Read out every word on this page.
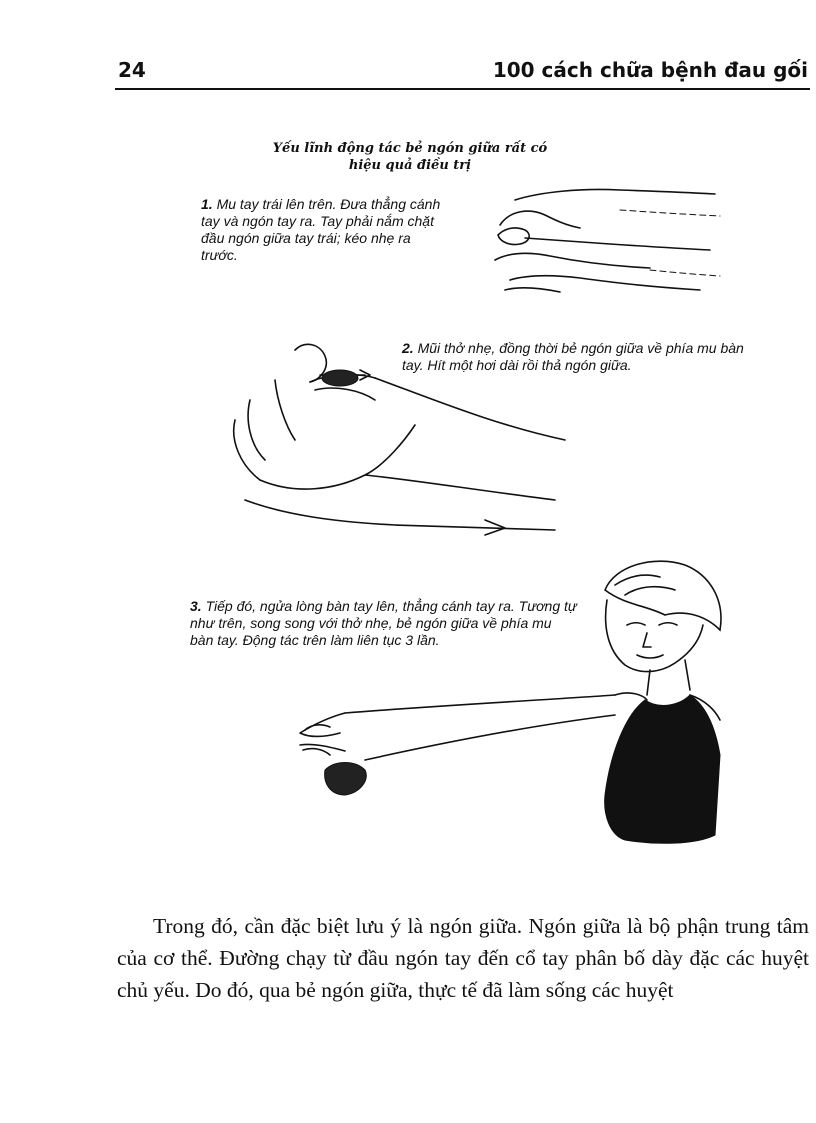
24	100 cách chữa bệnh đau gối
Yếu lĩnh động tác bẻ ngón giữa rất có
hiệu quả điều trị
1. Mu tay trái lên trên. Đưa thẳng cánh tay và ngón tay ra. Tay phải nắm chặt đầu ngón giữa tay trái; kéo nhẹ ra trước.
2. Mũi thở nhẹ, đồng thời bẻ ngón giữa về phía mu bàn tay. Hít một hơi dài rồi thả ngón giữa.
3. Tiếp đó, ngửa lòng bàn tay lên, thẳng cánh tay ra. Tương tự như trên, song song với thở nhẹ, bẻ ngón giữa về phía mu bàn tay. Động tác trên làm liên tục 3 lần.
Trong đó, cần đặc biệt lưu ý là ngón giữa. Ngón giữa là bộ phận trung tâm của cơ thể. Đường chạy từ đầu ngón tay đến cổ tay phân bố dày đặc các huyệt chủ yếu. Do đó, qua bẻ ngón giữa, thực tế đã làm sống các huyệt
